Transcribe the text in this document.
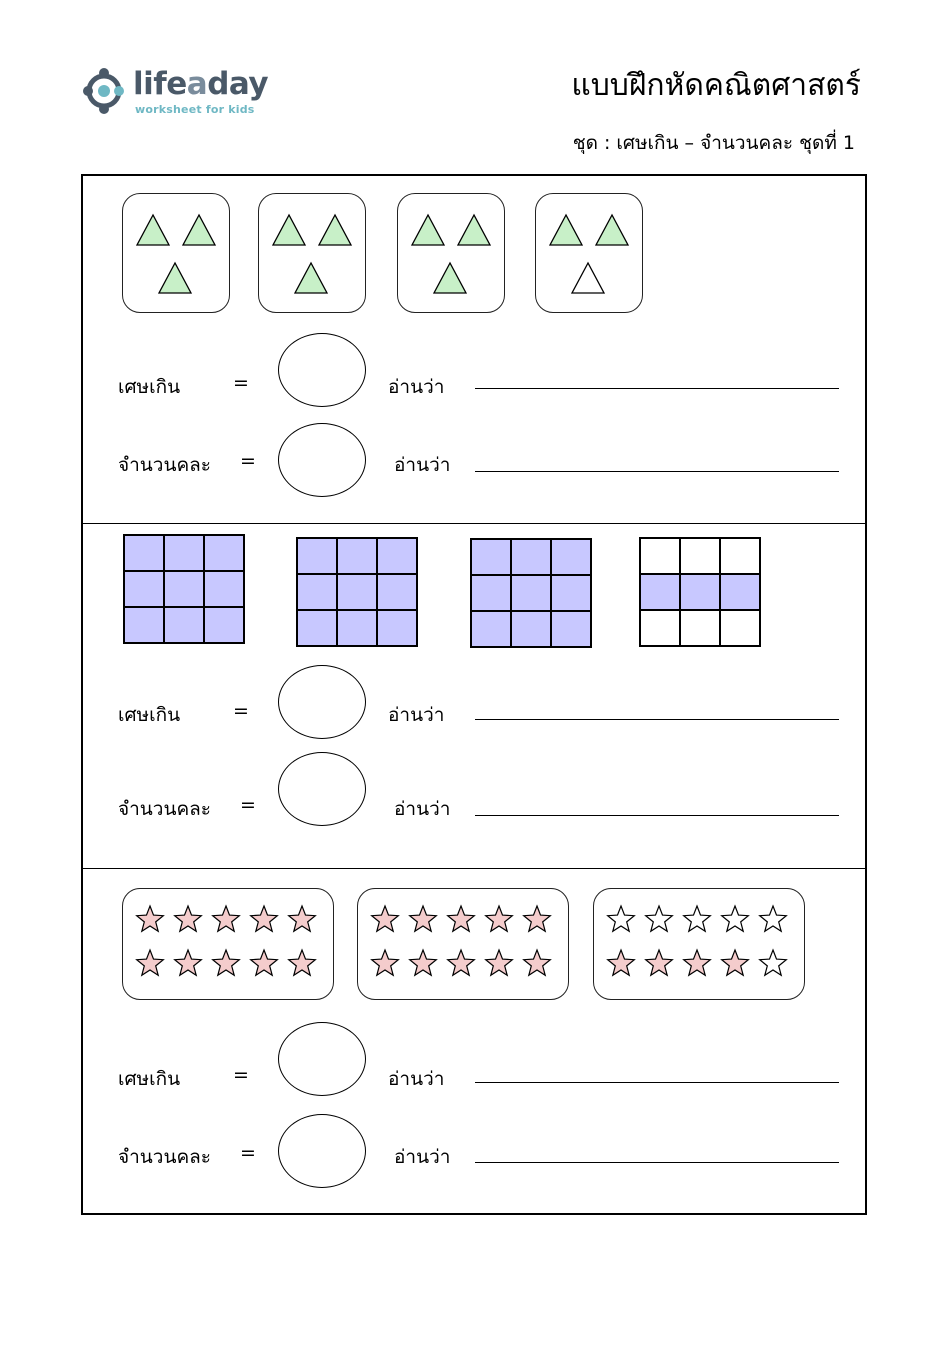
lifeaday
worksheet for kids
แบบฝึกหัดคณิตศาสตร์
ชุด : เศษเกิน – จำนวนคละ ชุดที่ 1
เศษเกิน	=	อ่านว่า
จำนวนคละ =	อ่านว่า
เศษเกิน	=	อ่านว่า
จำนวนคละ =	อ่านว่า
เศษเกิน	=	อ่านว่า
จำนวนคละ =	อ่านว่า
